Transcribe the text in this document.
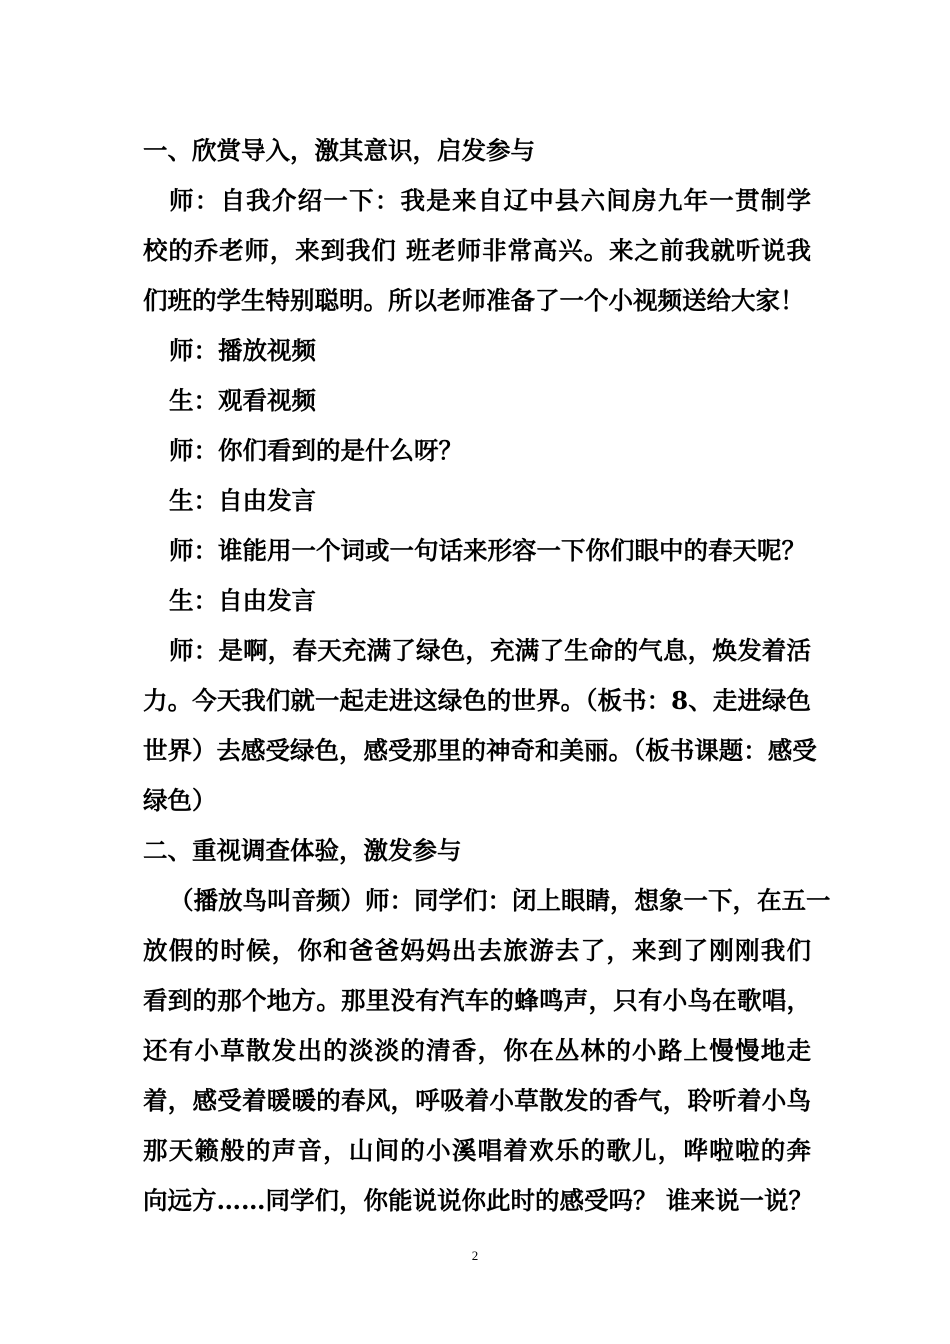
一、欣赏导入，激其意识，启发参与
师：自我介绍一下：我是来自辽中县六间房九年一贯制学
校的乔老师，来到我们 班老师非常高兴。来之前我就听说我
们班的学生特别聪明。所以老师准备了一个小视频送给大家！
师：播放视频
生：观看视频
师：你们看到的是什么呀？
生：自由发言
师：谁能用一个词或一句话来形容一下你们眼中的春天呢？
生：自由发言
师：是啊，春天充满了绿色，充满了生命的气息，焕发着活
力。今天我们就一起走进这绿色的世界。（板书：8、走进绿色
世界）去感受绿色，感受那里的神奇和美丽。（板书课题：感受
绿色）
二、重视调查体验，激发参与
（播放鸟叫音频）师：同学们：闭上眼睛，想象一下，在五一
放假的时候，你和爸爸妈妈出去旅游去了，来到了刚刚我们
看到的那个地方。那里没有汽车的蜂鸣声，只有小鸟在歌唱，
还有小草散发出的淡淡的清香，你在丛林的小路上慢慢地走
着，感受着暖暖的春风，呼吸着小草散发的香气，聆听着小鸟
那天籁般的声音，山间的小溪唱着欢乐的歌儿，哗啦啦的奔
向远方……同学们，你能说说你此时的感受吗？ 谁来说一说？
2
